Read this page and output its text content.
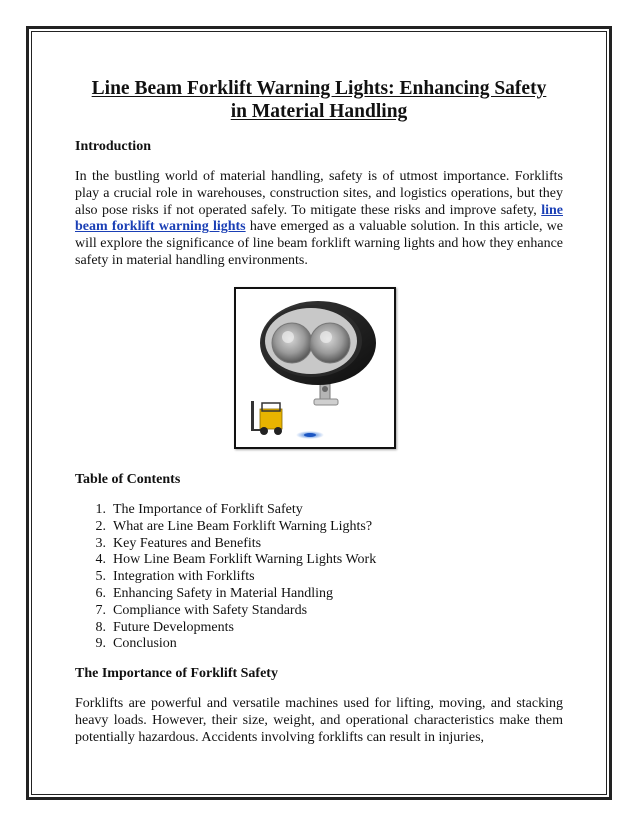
Line Beam Forklift Warning Lights: Enhancing Safety
in Material Handling
Introduction

In the bustling world of material handling, safety is of utmost importance. Forklifts play a crucial role in warehouses, construction sites, and logistics operations, but they also pose risks if not operated safely. To mitigate these risks and improve safety, line beam forklift warning lights have emerged as a valuable solution. In this article, we will explore the significance of line beam forklift warning lights and how they enhance safety in material handling environments.

Table of Contents
1. The Importance of Forklift Safety
2. What are Line Beam Forklift Warning Lights?
3. Key Features and Benefits
4. How Line Beam Forklift Warning Lights Work
5. Integration with Forklifts
6. Enhancing Safety in Material Handling
7. Compliance with Safety Standards
8. Future Developments
9. Conclusion
The Importance of Forklift Safety

Forklifts are powerful and versatile machines used for lifting, moving, and stacking heavy loads. However, their size, weight, and operational characteristics make them potentially hazardous. Accidents involving forklifts can result in injuries,
